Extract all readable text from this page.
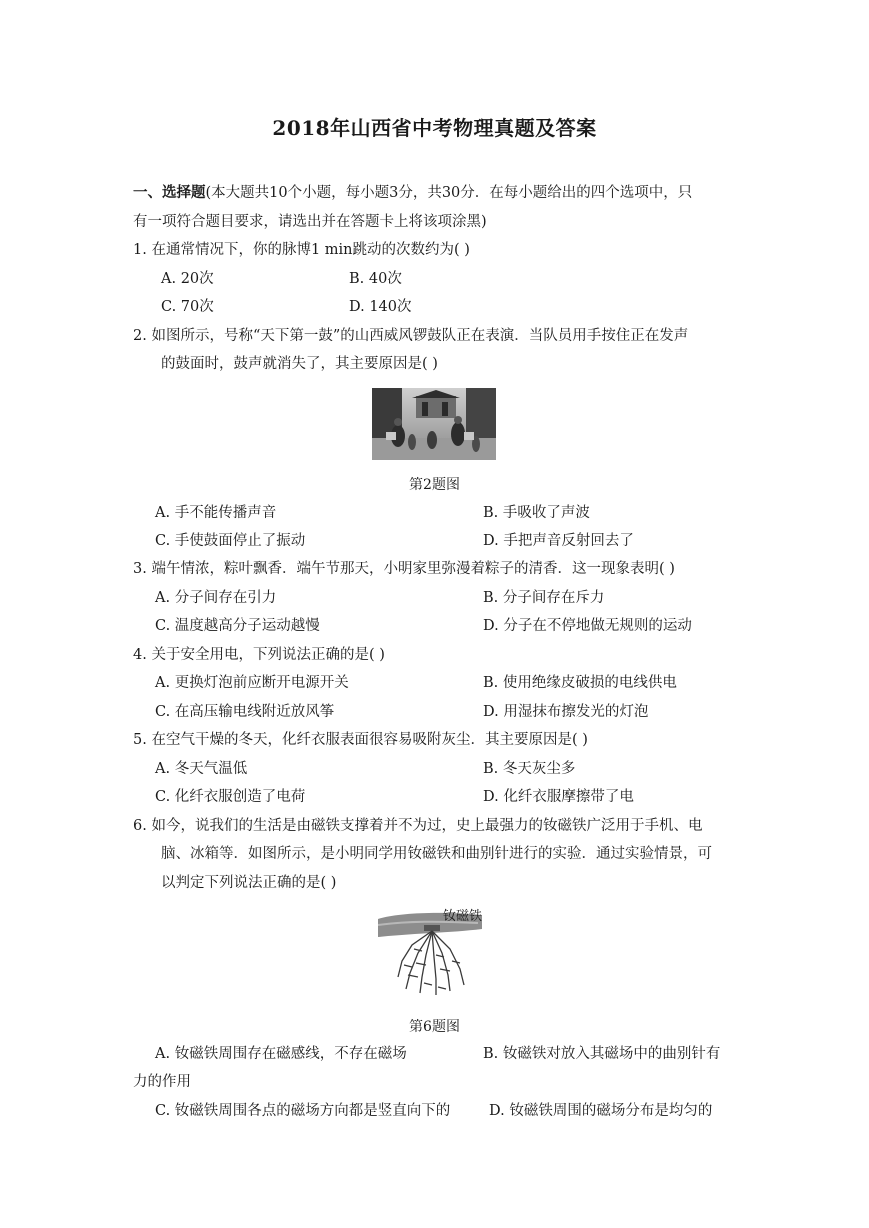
2018年山西省中考物理真题及答案
一、选择题(本大题共10个小题，每小题3分，共30分．在每小题给出的四个选项中，只
有一项符合题目要求，请选出并在答题卡上将该项涂黑)
1. 在通常情况下，你的脉博1 min跳动的次数约为( )
A. 20次	B. 40次
C. 70次	D. 140次
2. 如图所示，号称“天下第一鼓”的山西威风锣鼓队正在表演．当队员用手按住正在发声
的鼓面时，鼓声就消失了，其主要原因是( )
第2题图
A. 手不能传播声音	B. 手吸收了声波
C. 手使鼓面停止了振动	D. 手把声音反射回去了
3. 端午情浓，粽叶飘香．端午节那天，小明家里弥漫着粽子的清香．这一现象表明( )
A. 分子间存在引力	B. 分子间存在斥力
C. 温度越高分子运动越慢	D. 分子在不停地做无规则的运动
4. 关于安全用电，下列说法正确的是( )
A. 更换灯泡前应断开电源开关	B. 使用绝缘皮破损的电线供电
C. 在高压输电线附近放风筝	D. 用湿抹布擦发光的灯泡
5. 在空气干燥的冬天，化纤衣服表面很容易吸附灰尘．其主要原因是( )
A. 冬天气温低	B. 冬天灰尘多
C. 化纤衣服创造了电荷	D. 化纤衣服摩擦带了电
6. 如今，说我们的生活是由磁铁支撑着并不为过，史上最强力的钕磁铁广泛用于手机、电
脑、冰箱等．如图所示，是小明同学用钕磁铁和曲别针进行的实验．通过实验情景，可
以判定下列说法正确的是( )
钕磁铁
第6题图
A. 钕磁铁周围存在磁感线，不存在磁场	B. 钕磁铁对放入其磁场中的曲别针有
力的作用
C. 钕磁铁周围各点的磁场方向都是竖直向下的	D. 钕磁铁周围的磁场分布是均匀的
